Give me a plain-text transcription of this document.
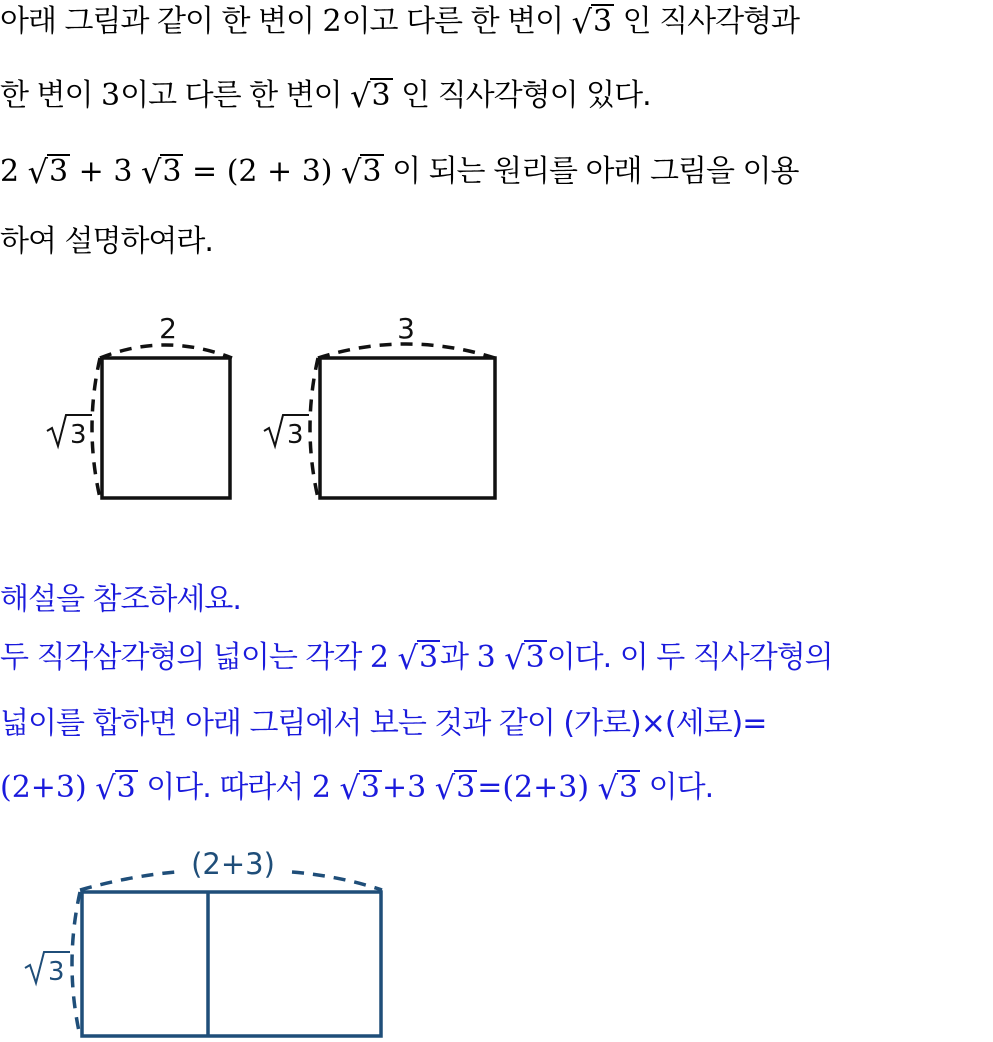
아래 그림과 같이 한 변이 2이고 다른 한 변이 √ 3 인 직사각형과
한 변이 3이고 다른 한 변이 √ 3 인 직사각형이 있다.
2 √ 3 + 3 √ 3 = (2 + 3) √ 3 이 되는 원리를 아래 그림을 이용
하여 설명하여라.
2	3
3	3
해설을 참조하세요.
두 직각삼각형의 넓이는 각각 2 √ 3 과 3 √ 3 이다. 이 두 직사각형의
넓이를 합하면 아래 그림에서 보는 것과 같이 (가로)×(세로)=
(2+3) √ 3 이다. 따라서 2 √ 3 +3 √ 3 =(2+3) √ 3 이다.
(2+3)
3
